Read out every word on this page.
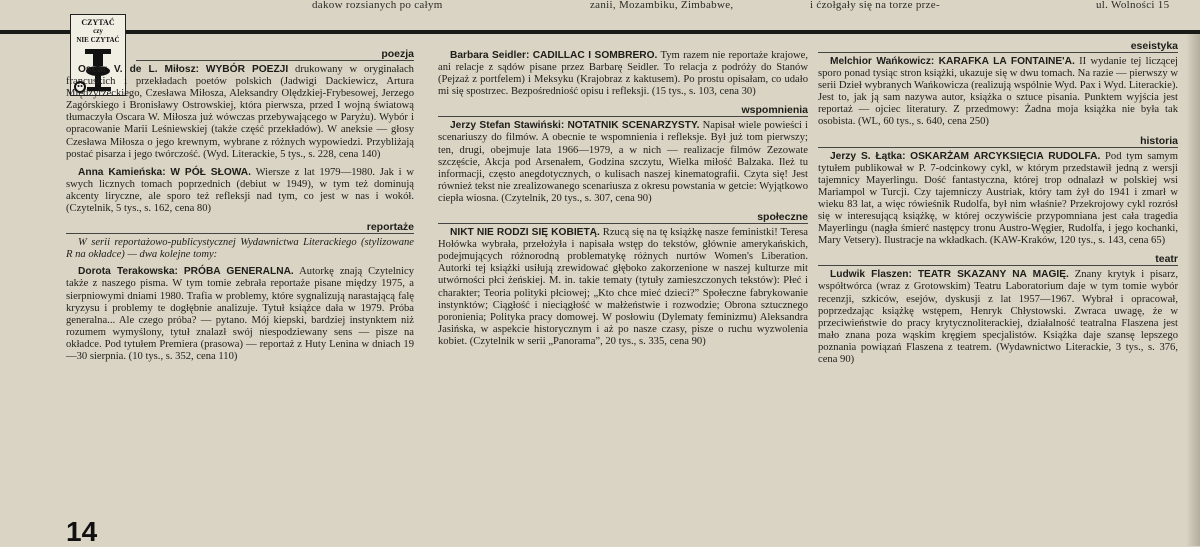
dakow rozsianych po całym	zanii, Mozambiku, Zimbabwe,	i ćzołgały się na torze prze-	ul. Wolności 15
CZYTAĆ
czy
NIE CZYTAĆ
poezja

Oscar V. de L. Miłosz: WYBÓR POEZJI drukowany w oryginałach francuskich i przekładach poetów polskich (Jadwigi Dackiewicz, Artura Międzyrzeckiego, Czesława Miłosza, Aleksandry Olędzkiej-Frybesowej, Jerzego Zagórskiego i Bronisławy Ostrowskiej, która pierwsza, przed I wojną światową tłumaczyła Oscara W. Miłosza już wówczas przebywającego w Paryżu). Wybór i opracowanie Marii Leśniewskiej (także część przekładów). W aneksie — głosy Czesława Miłosza o jego krewnym, wybrane z różnych wypowiedzi. Przybliżają postać pisarza i jego twórczość. (Wyd. Literackie, 5 tys., s. 228, cena 140)

Anna Kamieńska: W PÓŁ SŁOWA. Wiersze z lat 1979—1980. Jak i w swych licznych tomach poprzednich (debiut w 1949), w tym też dominują akcenty liryczne, ale sporo też refleksji nad tym, co jest w nas i wokół. (Czytelnik, 5 tys., s. 162, cena 80)

reportaże

W serii reportażowo-publicystycznej Wydawnictwa Literackiego (stylizowane R na okładce) — dwa kolejne tomy:

Dorota Terakowska: PRÓBA GENERALNA. Autorkę znają Czytelnicy także z naszego pisma. W tym tomie zebrała reportaże pisane między 1975, a sierpniowymi dniami 1980. Trafia w problemy, które sygnalizują narastającą falę kryzysu i problemy te dogłębnie analizuje. Tytuł książce dała w 1979. Próba generalna... Ale czego próba? — pytano. Mój kiepski, bardziej instynktem niż rozumem wymyślony, tytuł znalazł swój niespodziewany sens — pisze na okładce. Pod tytułem Premiera (prasowa) — reportaż z Huty Lenina w dniach 19—30 sierpnia. (10 tys., s. 352, cena 110)

Barbara Seidler: CADILLAC I SOMBRERO. Tym razem nie reportaże krajowe, ani relacje z sądów pisane przez Barbarę Seidler. To relacja z podróży do Stanów (Pejzaż z portfelem) i Meksyku (Krajobraz z kaktusem). Po prostu opisałam, co udało mi się spostrzec. Bezpośredniość opisu i refleksji. (15 tys., s. 103, cena 30)

wspomnienia

Jerzy Stefan Stawiński: NOTATNIK SCENARZYSTY. Napisał wiele powieści i scenariuszy do filmów. A obecnie te wspomnienia i refleksje. Był już tom pierwszy; ten, drugi, obejmuje lata 1966—1979, a w nich — realizacje filmów Zezowate szczęście, Akcja pod Arsenałem, Godzina szczytu, Wielka miłość Balzaka. Ileż tu informacji, często anegdotycznych, o kulisach naszej kinematografii. Czyta się! Jest również tekst nie zrealizowanego scenariusza z okresu powstania w getcie: Wyjątkowo ciepła wiosna. (Czytelnik, 20 tys., s. 307, cena 90)

społeczne

NIKT NIE RODZI SIĘ KOBIETĄ. Rzucą się na tę książkę nasze feministki! Teresa Hołówka wybrała, przełożyła i napisała wstęp do tekstów, głównie amerykańskich, podejmujących różnorodną problematykę różnych nurtów Women's Liberation. Autorki tej książki usiłują zrewidować głęboko zakorzenione w naszej kulturze mit utwórności płci żeńskiej. M. in. takie tematy (tytuły zamieszczonych tekstów): Płeć i charakter; Teoria polityki płciowej; „Kto chce mieć dzieci?” Społeczne fabrykowanie instynktów; Ciągłość i nieciągłość w małżeństwie i rozwodzie; Obrona sztucznego poronienia; Polityka pracy domowej. W posłowiu (Dylematy feminizmu) Aleksandra Jasińska, w aspekcie historycznym i aż po nasze czasy, pisze o ruchu wyzwolenia kobiet. (Czytelnik w serii „Panorama”, 20 tys., s. 335, cena 90)

eseistyka

Melchior Wańkowicz: KARAFKA LA FONTAINE'A. II wydanie tej liczącej sporo ponad tysiąc stron książki, ukazuje się w dwu tomach. Na razie — pierwszy w serii Dzieł wybranych Wańkowicza (realizują wspólnie Wyd. Pax i Wyd. Literackie). Jest to, jak ją sam nazywa autor, książka o sztuce pisania. Punktem wyjścia jest reportaż — ojciec literatury. Z przedmowy: Żadna moja książka nie była tak osobista. (WL, 60 tys., s. 640, cena 250)

historia

Jerzy S. Łątka: OSKARŻAM ARCYKSIĘCIA RUDOLFA. Pod tym samym tytułem publikował w P. 7-odcinkowy cykl, w którym przedstawił jedną z wersji tajemnicy Mayerlingu. Dość fantastyczna, której trop odnalazł w polskiej wsi Mariampol w Turcji. Czy tajemniczy Austriak, który tam żył do 1941 i zmarł w wieku 83 lat, a więc rówieśnik Rudolfa, był nim właśnie? Przekrojowy cykl rozrósł się w interesującą książkę, w której oczywiście przypomniana jest cała tragedia Mayerlingu (nagła śmierć następcy tronu Austro-Węgier, Rudolfa, i jego kochanki, Mary Vetsery). Ilustracje na wkładkach. (KAW-Kraków, 120 tys., s. 143, cena 65)

teatr

Ludwik Flaszen: TEATR SKAZANY NA MAGIĘ. Znany krytyk i pisarz, współtwórca (wraz z Grotowskim) Teatru Laboratorium daje w tym tomie wybór recenzji, szkiców, esejów, dyskusji z lat 1957—1967. Wybrał i opracował, poprzedzając książkę wstępem, Henryk Chłystowski. Zwraca uwagę, że w przeciwieństwie do pracy krytycznoliterackiej, działalność teatralna Flaszena jest mało znana poza wąskim kręgiem specjalistów. Książka daje szansę lepszego poznania powiązań Flaszena z teatrem. (Wydawnictwo Literackie, 3 tys., s. 376, cena 90)

14
